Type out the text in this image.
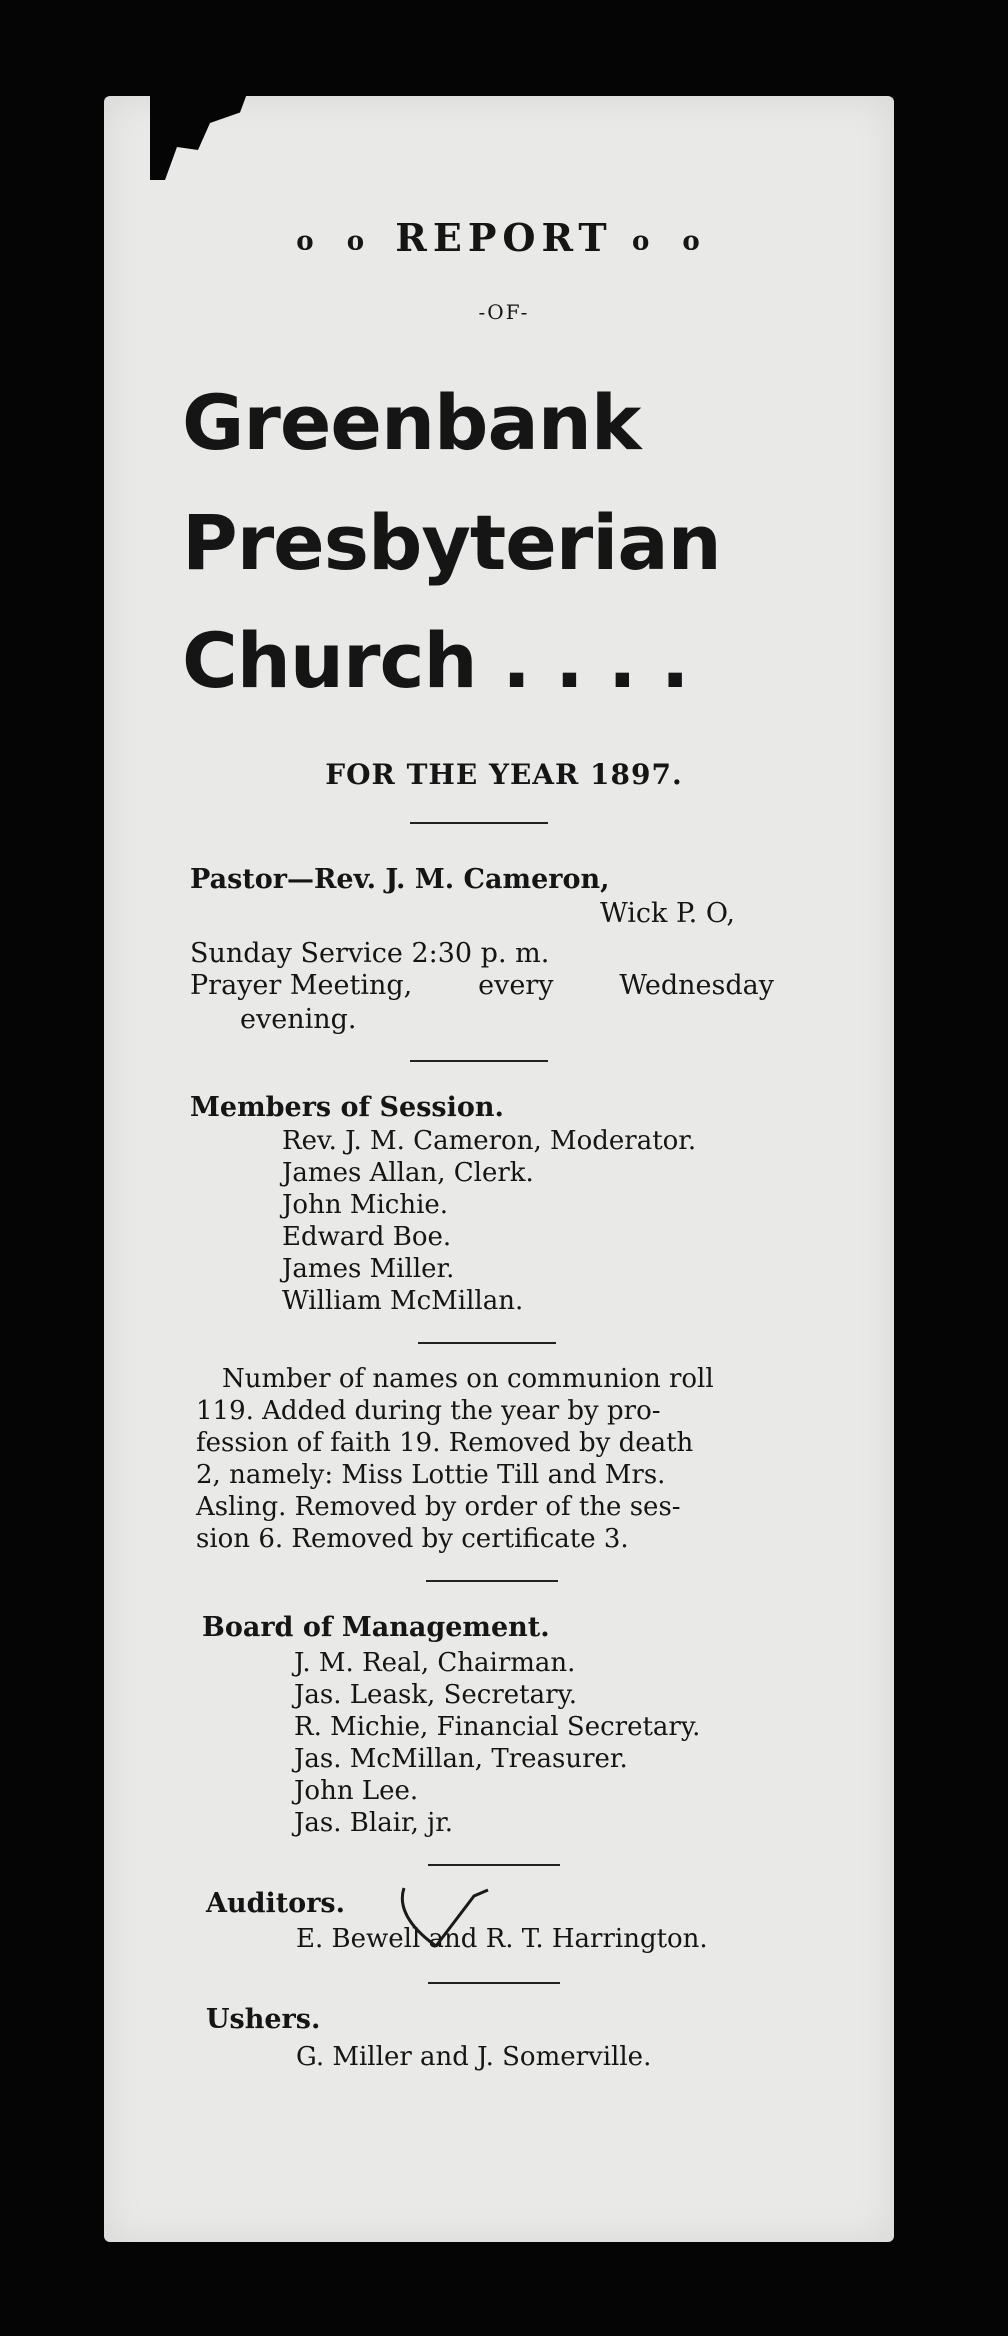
o o REPORT o o
-OF-
Greenbank
Presbyterian
Church ....
FOR THE YEAR 1897.
Pastor—Rev. J. M. Cameron,
Wick P. O,
Sunday Service 2:30 p. m.
Prayer Meeting, every Wednesday
evening.
Members of Session.
Rev. J. M. Cameron, Moderator.
James Allan, Clerk.
John Michie.
Edward Boe.
James Miller.
William McMillan.
Number of names on communion roll
119. Added during the year by pro-
fession of faith 19. Removed by death
2, namely: Miss Lottie Till and Mrs.
Asling. Removed by order of the ses-
sion 6. Removed by certificate 3.
Board of Management.
J. M. Real, Chairman.
Jas. Leask, Secretary.
R. Michie, Financial Secretary.
Jas. McMillan, Treasurer.
John Lee.
Jas. Blair, jr.
Auditors.
E. Bewell and R. T. Harrington.
Ushers.
G. Miller and J. Somerville.
